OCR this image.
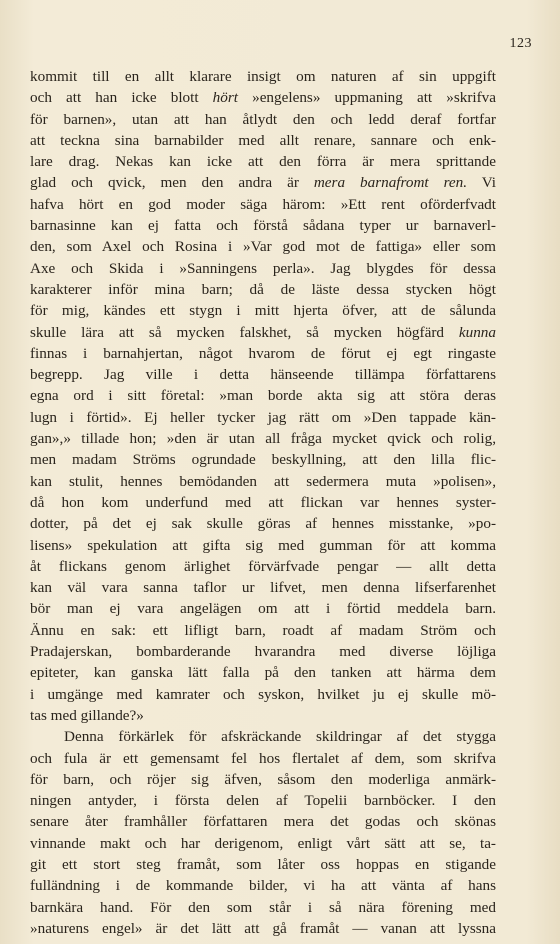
123
kommit till en allt klarare insigt om naturen af sin uppgift
och att han icke blott hört »engelens» uppmaning att »skrifva
för barnen», utan att han åtlydt den och ledd deraf fortfar
att teckna sina barnabilder med allt renare, sannare och enk-
lare drag. Nekas kan icke att den förra är mera sprittande
glad och qvick, men den andra är mera barnafromt ren. Vi
hafva hört en god moder säga härom: »Ett rent oförderfvadt
barnasinne kan ej fatta och förstå sådana typer ur barnaverl-
den, som Axel och Rosina i »Var god mot de fattiga» eller som
Axe och Skida i »Sanningens perla». Jag blygdes för dessa
karakterer inför mina barn; då de läste dessa stycken högt
för mig, kändes ett stygn i mitt hjerta öfver, att de sålunda
skulle lära att så mycken falskhet, så mycken högfärd kunna
finnas i barnahjertan, något hvarom de förut ej egt ringaste
begrepp. Jag ville i detta hänseende tillämpa författarens
egna ord i sitt företal: »man borde akta sig att störa deras
lugn i förtid». Ej heller tycker jag rätt om »Den tappade kän-
gan»,» tillade hon; »den är utan all fråga mycket qvick och rolig,
men madam Ströms ogrundade beskyllning, att den lilla flic-
kan stulit, hennes bemödanden att sedermera muta »polisen»,
då hon kom underfund med att flickan var hennes syster-
dotter, på det ej sak skulle göras af hennes misstanke, »po-
lisens» spekulation att gifta sig med gumman för att komma
åt flickans genom ärlighet förvärfvade pengar — allt detta
kan väl vara sanna taflor ur lifvet, men denna lifserfarenhet
bör man ej vara angelägen om att i förtid meddela barn.
Ännu en sak: ett lifligt barn, roadt af madam Ström och
Pradajerskan, bombarderande hvarandra med diverse löjliga
epiteter, kan ganska lätt falla på den tanken att härma dem
i umgänge med kamrater och syskon, hvilket ju ej skulle mö-
tas med gillande?»
Denna förkärlek för afskräckande skildringar af det stygga
och fula är ett gemensamt fel hos flertalet af dem, som skrifva
för barn, och röjer sig äfven, såsom den moderliga anmärk-
ningen antyder, i första delen af Topelii barnböcker. I den
senare åter framhåller författaren mera det godas och skönas
vinnande makt och har derigenom, enligt vårt sätt att se, ta-
git ett stort steg framåt, som låter oss hoppas en stigande
fulländning i de kommande bilder, vi ha att vänta af hans
barnkära hand. För den som står i så nära förening med
»naturens engel» är det lätt att gå framåt — vanan att lyssna
